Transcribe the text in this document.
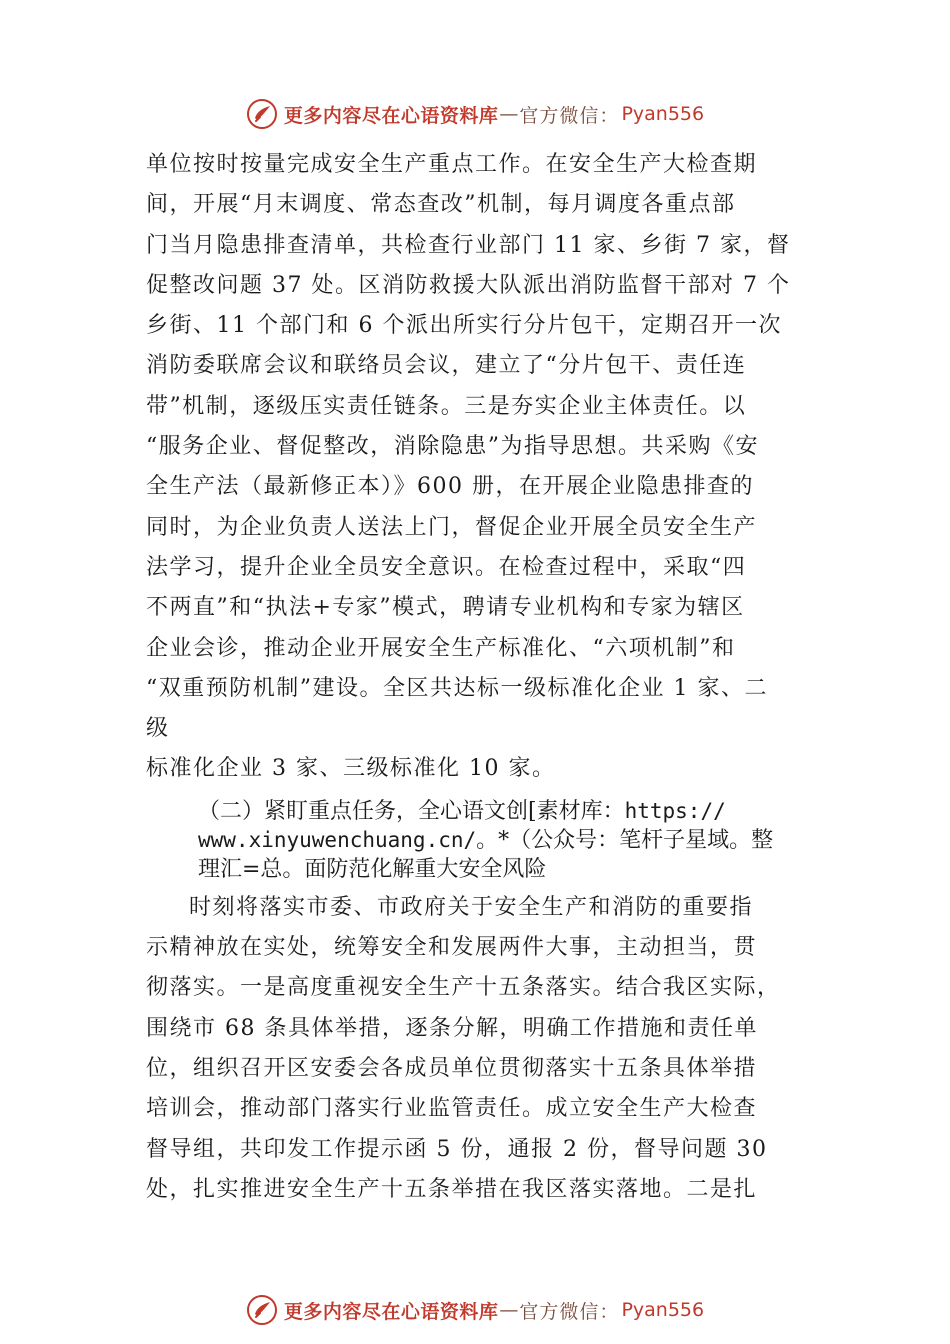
更多内容尽在心语资料库 — 官方微信： Pyan556
单位按时按量完成安全生产重点工作。在安全生产大检查期
间，开展“月末调度、常态查改”机制，每月调度各重点部
门当月隐患排查清单，共检查行业部门 11 家、乡街 7 家，督
促整改问题 37 处。区消防救援大队派出消防监督干部对 7 个
乡街、11 个部门和 6 个派出所实行分片包干，定期召开一次
消防委联席会议和联络员会议，建立了“分片包干、责任连
带”机制，逐级压实责任链条。三是夯实企业主体责任。以
“服务企业、督促整改，消除隐患”为指导思想。共采购《安
全生产法（最新修正本）》600 册，在开展企业隐患排查的
同时，为企业负责人送法上门，督促企业开展全员安全生产
法学习，提升企业全员安全意识。在检查过程中，采取“四
不两直”和“执法+专家”模式，聘请专业机构和专家为辖区
企业会诊，推动企业开展安全生产标准化、“六项机制”和
“双重预防机制”建设。全区共达标一级标准化企业 1 家、二
级
标准化企业 3 家、三级标准化 10 家。
（二）紧盯重点任务，全心语文创[素材库：https://
www.xinyuwenchuang.cn/。*（公众号：笔杆子星域。整
理汇=总。面防范化解重大安全风险
时刻将落实市委、市政府关于安全生产和消防的重要指
示精神放在实处，统筹安全和发展两件大事，主动担当，贯
彻落实。一是高度重视安全生产十五条落实。结合我区实际，
围绕市 68 条具体举措，逐条分解，明确工作措施和责任单
位，组织召开区安委会各成员单位贯彻落实十五条具体举措
培训会，推动部门落实行业监管责任。成立安全生产大检查
督导组，共印发工作提示函 5 份，通报 2 份，督导问题 30
处，扎实推进安全生产十五条举措在我区落实落地。二是扎
更多内容尽在心语资料库 — 官方微信： Pyan556
